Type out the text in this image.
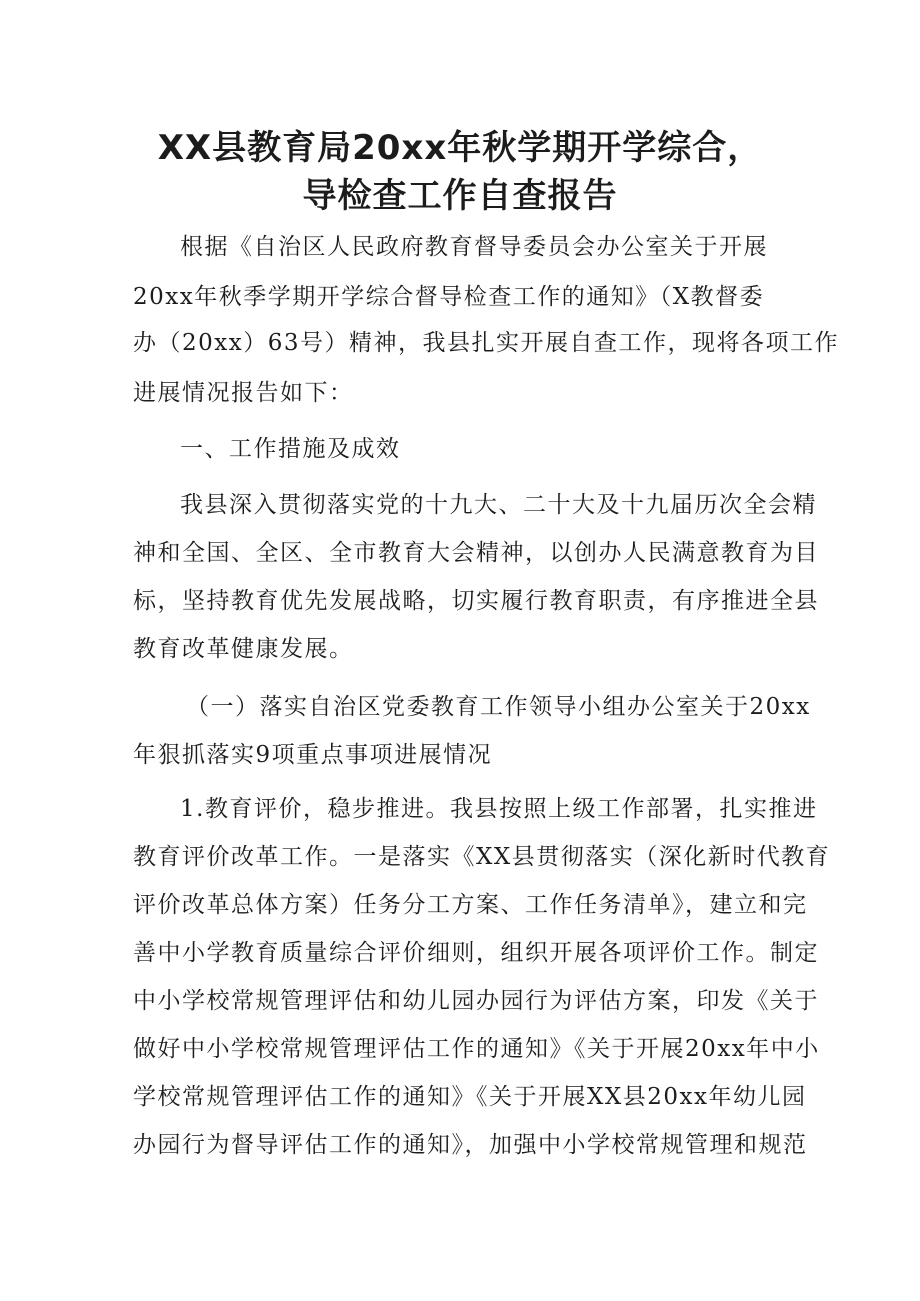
XX县教育局20xx年秋学期开学综合，
导检查工作自查报告
根据《自治区人民政府教育督导委员会办公室关于开展
20xx年秋季学期开学综合督导检查工作的通知》（X教督委
办（20xx）63号）精神，我县扎实开展自查工作，现将各项工作
进展情况报告如下：
一、工作措施及成效
我县深入贯彻落实党的十九大、二十大及十九届历次全会精
神和全国、全区、全市教育大会精神，以创办人民满意教育为目
标，坚持教育优先发展战略，切实履行教育职责，有序推进全县
教育改革健康发展。
（一）落实自治区党委教育工作领导小组办公室关于20xx
年狠抓落实9项重点事项进展情况
1.教育评价，稳步推进。我县按照上级工作部署，扎实推进
教育评价改革工作。一是落实《XX县贯彻落实（深化新时代教育
评价改革总体方案）任务分工方案、工作任务清单》，建立和完
善中小学教育质量综合评价细则，组织开展各项评价工作。制定
中小学校常规管理评估和幼儿园办园行为评估方案，印发《关于
做好中小学校常规管理评估工作的通知》《关于开展20xx年中小
学校常规管理评估工作的通知》《关于开展XX县20xx年幼儿园
办园行为督导评估工作的通知》，加强中小学校常规管理和规范
